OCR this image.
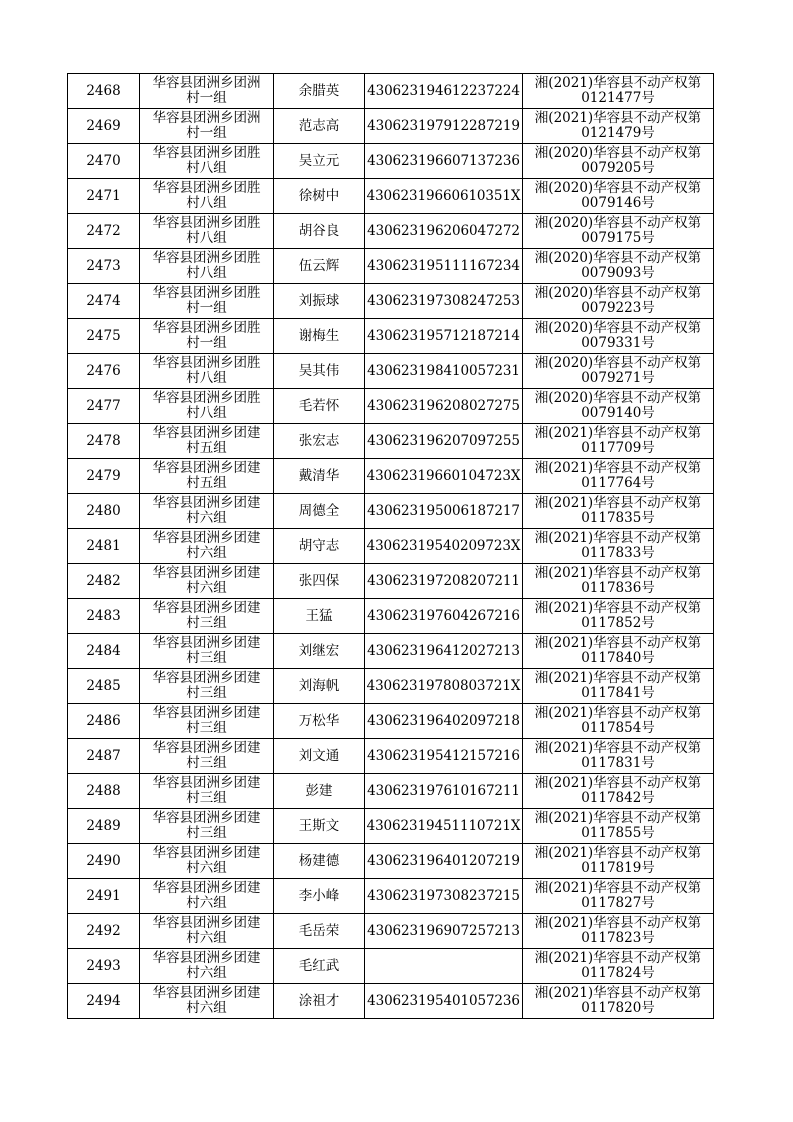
2468	华容县团洲乡团洲
村一组	余腊英	430623194612237224	湘(2021)华容县不动产权第
0121477号

2469	华容县团洲乡团洲
村一组	范志高	430623197912287219	湘(2021)华容县不动产权第
0121479号

2470	华容县团洲乡团胜
村八组	吴立元	430623196607137236	湘(2020)华容县不动产权第
0079205号

2471	华容县团洲乡团胜
村八组	徐树中	43062319660610351X	湘(2020)华容县不动产权第
0079146号

2472	华容县团洲乡团胜
村八组	胡谷良	430623196206047272	湘(2020)华容县不动产权第
0079175号

2473	华容县团洲乡团胜
村八组	伍云辉	430623195111167234	湘(2020)华容县不动产权第
0079093号

2474	华容县团洲乡团胜
村一组	刘振球	430623197308247253	湘(2020)华容县不动产权第
0079223号

2475	华容县团洲乡团胜
村一组	谢梅生	430623195712187214	湘(2020)华容县不动产权第
0079331号

2476	华容县团洲乡团胜
村八组	吴其伟	430623198410057231	湘(2020)华容县不动产权第
0079271号

2477	华容县团洲乡团胜
村八组	毛若怀	430623196208027275	湘(2020)华容县不动产权第
0079140号

2478	华容县团洲乡团建
村五组	张宏志	430623196207097255	湘(2021)华容县不动产权第
0117709号

2479	华容县团洲乡团建
村五组	戴清华	43062319660104723X	湘(2021)华容县不动产权第
0117764号

2480	华容县团洲乡团建
村六组	周德全	430623195006187217	湘(2021)华容县不动产权第
0117835号

2481	华容县团洲乡团建
村六组	胡守志	43062319540209723X	湘(2021)华容县不动产权第
0117833号

2482	华容县团洲乡团建
村六组	张四保	430623197208207211	湘(2021)华容县不动产权第
0117836号

2483	华容县团洲乡团建
村三组	王猛	430623197604267216	湘(2021)华容县不动产权第
0117852号

2484	华容县团洲乡团建
村三组	刘继宏	430623196412027213	湘(2021)华容县不动产权第
0117840号

2485	华容县团洲乡团建
村三组	刘海帆	43062319780803721X	湘(2021)华容县不动产权第
0117841号

2486	华容县团洲乡团建
村三组	万松华	430623196402097218	湘(2021)华容县不动产权第
0117854号

2487	华容县团洲乡团建
村三组	刘文通	430623195412157216	湘(2021)华容县不动产权第
0117831号

2488	华容县团洲乡团建
村三组	彭建	430623197610167211	湘(2021)华容县不动产权第
0117842号

2489	华容县团洲乡团建
村三组	王斯文	43062319451110721X	湘(2021)华容县不动产权第
0117855号

2490	华容县团洲乡团建
村六组	杨建德	430623196401207219	湘(2021)华容县不动产权第
0117819号

2491	华容县团洲乡团建
村六组	李小峰	430623197308237215	湘(2021)华容县不动产权第
0117827号

2492	华容县团洲乡团建
村六组	毛岳荣	430623196907257213	湘(2021)华容县不动产权第
0117823号

2493	华容县团洲乡团建
村六组	毛红武		湘(2021)华容县不动产权第
0117824号

2494	华容县团洲乡团建
村六组	涂祖才	430623195401057236	湘(2021)华容县不动产权第
0117820号
